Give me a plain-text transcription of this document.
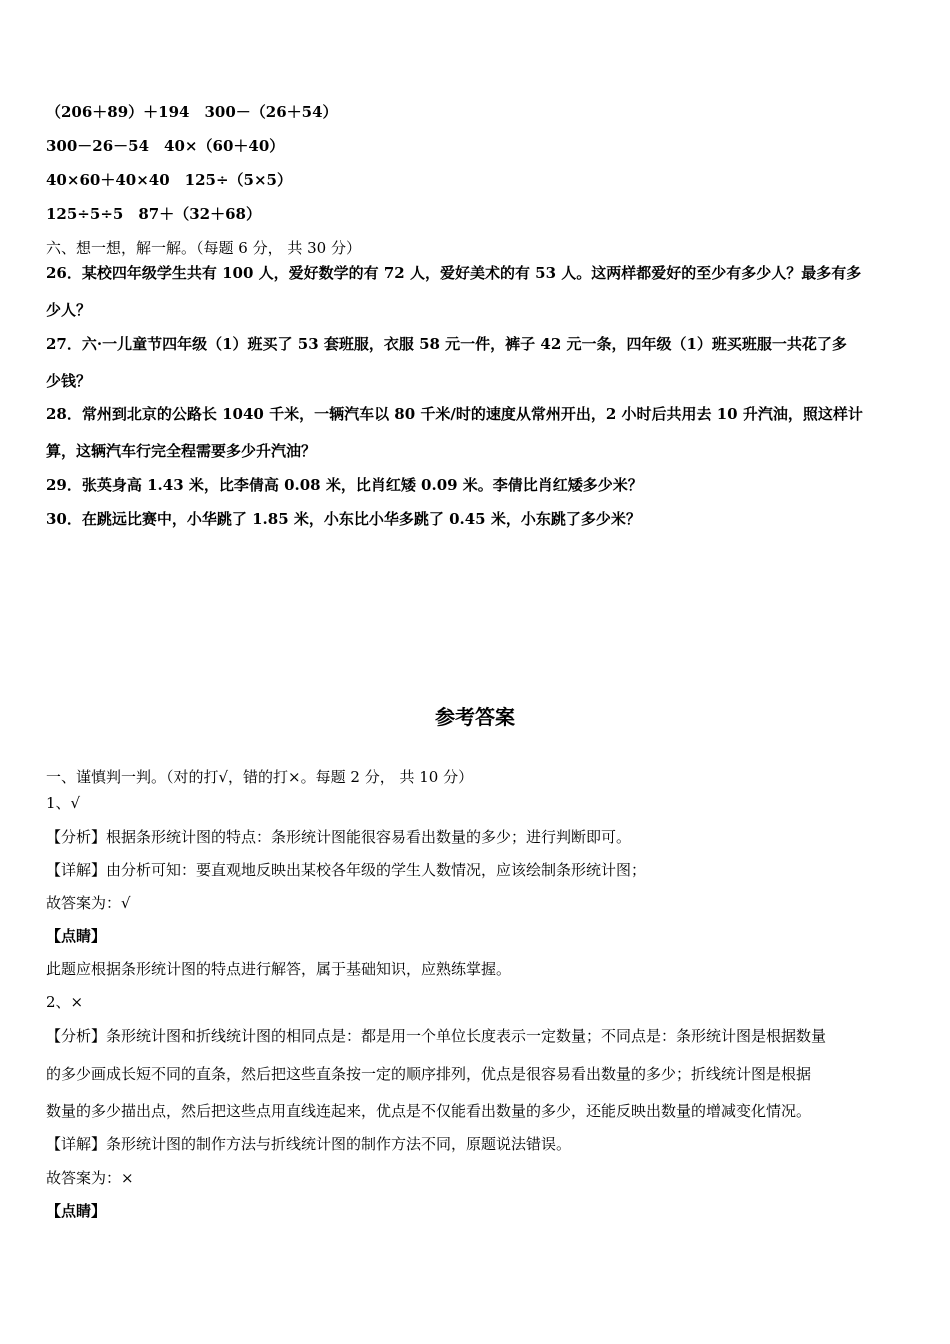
（206＋89）＋194　300－（26＋54）
300－26－54　40×（60＋40）
40×60＋40×40　125÷（5×5）
125÷5÷5　87＋（32＋68）
六、想一想，解一解。（每题 6 分， 共 30 分）
26．某校四年级学生共有 100 人，爱好数学的有 72 人，爱好美术的有 53 人。这两样都爱好的至少有多少人？最多有多
少人？
27．六·一儿童节四年级（1）班买了 53 套班服，衣服 58 元一件，裤子 42 元一条，四年级（1）班买班服一共花了多
少钱？
28．常州到北京的公路长 1040 千米，一辆汽车以 80 千米/时的速度从常州开出，2 小时后共用去 10 升汽油，照这样计
算，这辆汽车行完全程需要多少升汽油？
29．张英身高 1.43 米，比李倩高 0.08 米，比肖红矮 0.09 米。李倩比肖红矮多少米？
30．在跳远比赛中，小华跳了 1.85 米，小东比小华多跳了 0.45 米，小东跳了多少米？
参考答案
一、谨慎判一判。（对的打√，错的打×。每题 2 分， 共 10 分）
1、√
【分析】根据条形统计图的特点：条形统计图能很容易看出数量的多少；进行判断即可。
【详解】由分析可知：要直观地反映出某校各年级的学生人数情况，应该绘制条形统计图；
故答案为：√
【点睛】
此题应根据条形统计图的特点进行解答，属于基础知识，应熟练掌握。
2、×
【分析】条形统计图和折线统计图的相同点是：都是用一个单位长度表示一定数量；不同点是：条形统计图是根据数量
的多少画成长短不同的直条，然后把这些直条按一定的顺序排列，优点是很容易看出数量的多少；折线统计图是根据
数量的多少描出点，然后把这些点用直线连起来，优点是不仅能看出数量的多少，还能反映出数量的增减变化情况。
【详解】条形统计图的制作方法与折线统计图的制作方法不同，原题说法错误。
故答案为：×
【点睛】
